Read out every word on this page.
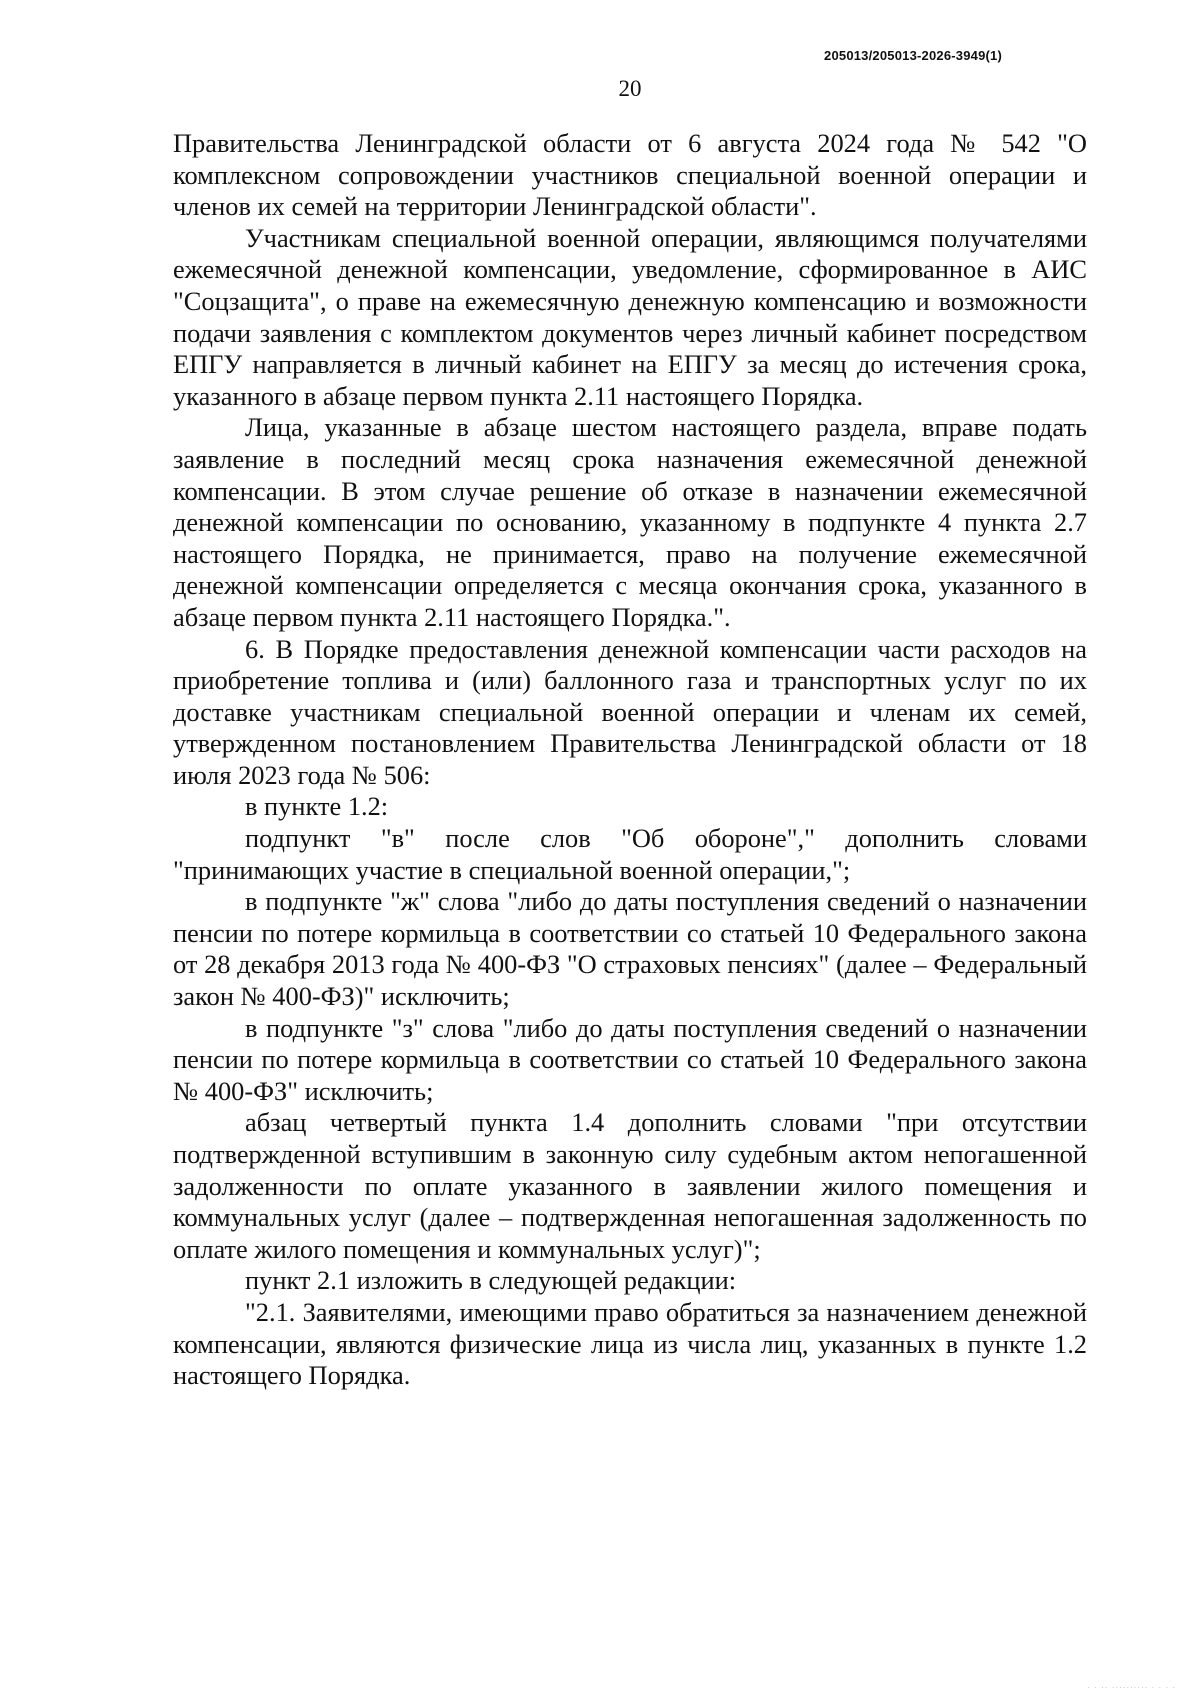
205013/205013-2026-3949(1)
20

Правительства Ленинградской области от 6 августа 2024 года № 542 "О комплексном сопровождении участников специальной военной операции и членов их семей на территории Ленинградской области".

Участникам специальной военной операции, являющимся получателями ежемесячной денежной компенсации, уведомление, сформированное в АИС "Соцзащита", о праве на ежемесячную денежную компенсацию и возможности подачи заявления с комплектом документов через личный кабинет посредством ЕПГУ направляется в личный кабинет на ЕПГУ за месяц до истечения срока, указанного в абзаце первом пункта 2.11 настоящего Порядка.

Лица, указанные в абзаце шестом настоящего раздела, вправе подать заявление в последний месяц срока назначения ежемесячной денежной компенсации. В этом случае решение об отказе в назначении ежемесячной денежной компенсации по основанию, указанному в подпункте 4 пункта 2.7 настоящего Порядка, не принимается, право на получение ежемесячной денежной компенсации определяется с месяца окончания срока, указанного в абзаце первом пункта 2.11 настоящего Порядка.".

6. В Порядке предоставления денежной компенсации части расходов на приобретение топлива и (или) баллонного газа и транспортных услуг по их доставке участникам специальной военной операции и членам их семей, утвержденном постановлением Правительства Ленинградской области от 18 июля 2023 года № 506:

в пункте 1.2:

подпункт "в" после слов "Об обороне"," дополнить словами "принимающих участие в специальной военной операции,";

в подпункте "ж" слова "либо до даты поступления сведений о назначении пенсии по потере кормильца в соответствии со статьей 10 Федерального закона от 28 декабря 2013 года № 400-ФЗ "О страховых пенсиях" (далее – Федеральный закон № 400-ФЗ)" исключить;

в подпункте "з" слова "либо до даты поступления сведений о назначении пенсии по потере кормильца в соответствии со статьей 10 Федерального закона № 400-ФЗ" исключить;

абзац четвертый пункта 1.4 дополнить словами "при отсутствии подтвержденной вступившим в законную силу судебным актом непогашенной задолженности по оплате указанного в заявлении жилого помещения и коммунальных услуг (далее – подтвержденная непогашенная задолженность по оплате жилого помещения и коммунальных услуг)";

пункт 2.1 изложить в следующей редакции:

"2.1. Заявителями, имеющими право обратиться за назначением денежной компенсации, являются физические лица из числа лиц, указанных в пункте 1.2 настоящего Порядка.

· · ·· ·········· · · · ·
